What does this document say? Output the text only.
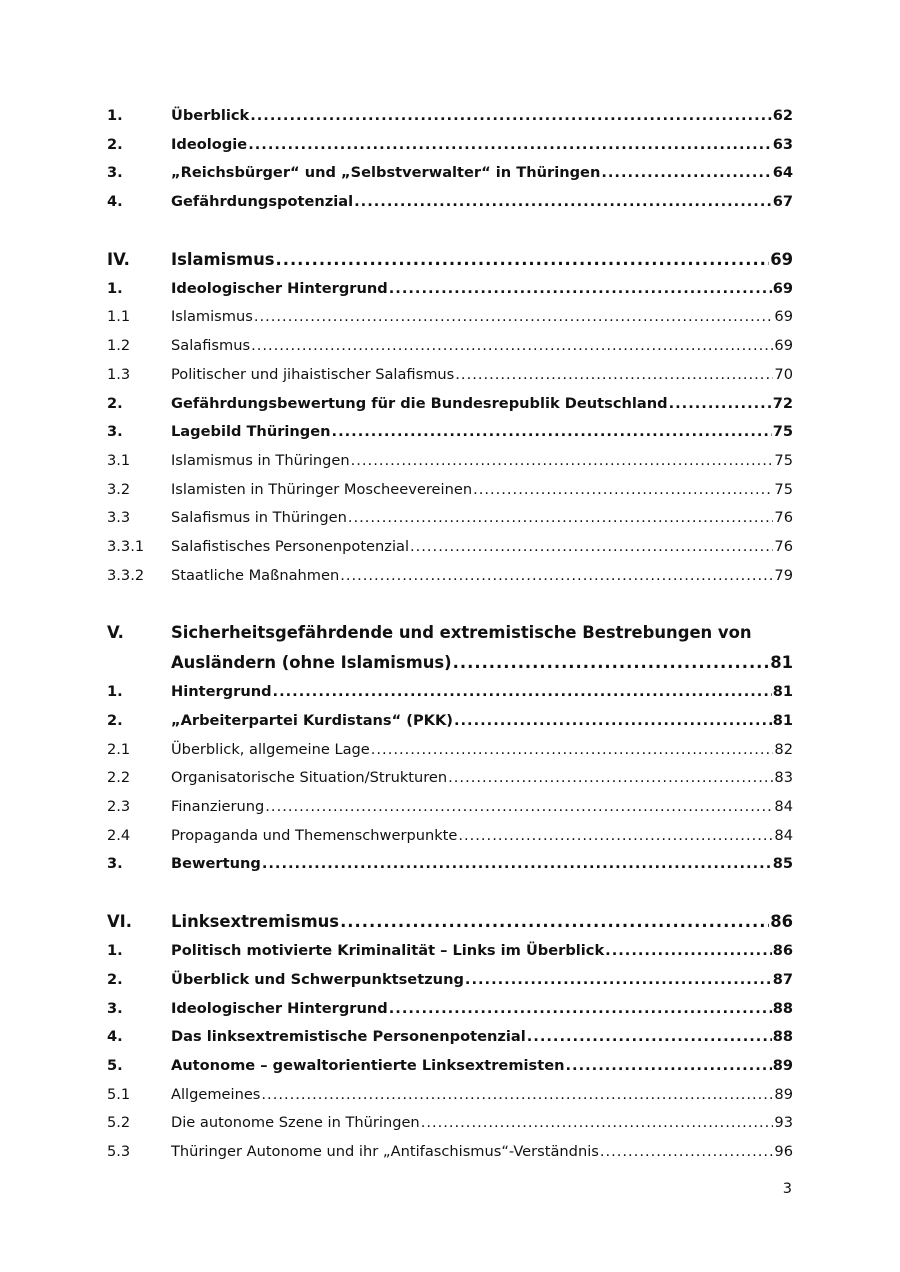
1.	Überblick .....	62
2.	Ideologie .....	63
3.	„Reichsbürger“ und „Selbstverwalter“ in Thüringen .....	64
4.	Gefährdungspotenzial .....	67
IV.	Islamismus .....	69
1.	Ideologischer Hintergrund .....	69
1.1	Islamismus .....	69
1.2	Salafismus .....	69
1.3	Politischer und jihaistischer Salafismus .....	70
2.	Gefährdungsbewertung für die Bundesrepublik Deutschland .....	72
3.	Lagebild Thüringen .....	75
3.1	Islamismus in Thüringen .....	75
3.2	Islamisten in Thüringer Moscheevereinen .....	75
3.3	Salafismus in Thüringen .....	76
3.3.1	Salafistisches Personenpotenzial .....	76
3.3.2	Staatliche Maßnahmen .....	79
V.	Sicherheitsgefährdende und extremistische Bestrebungen von
Ausländern (ohne Islamismus) .....	81
1.	Hintergrund .....	81
2.	„Arbeiterpartei Kurdistans“ (PKK) .....	81
2.1	Überblick, allgemeine Lage .....	82
2.2	Organisatorische Situation/Strukturen .....	83
2.3	Finanzierung .....	84
2.4	Propaganda und Themenschwerpunkte .....	84
3.	Bewertung .....	85
VI.	Linksextremismus .....	86
1.	Politisch motivierte Kriminalität – Links im Überblick .....	86
2.	Überblick und Schwerpunktsetzung .....	87
3.	Ideologischer Hintergrund .....	88
4.	Das linksextremistische Personenpotenzial .....	88
5.	Autonome – gewaltorientierte Linksextremisten .....	89
5.1	Allgemeines .....	89
5.2	Die autonome Szene in Thüringen .....	93
5.3	Thüringer Autonome und ihr „Antifaschismus“-Verständnis .....	96
3
